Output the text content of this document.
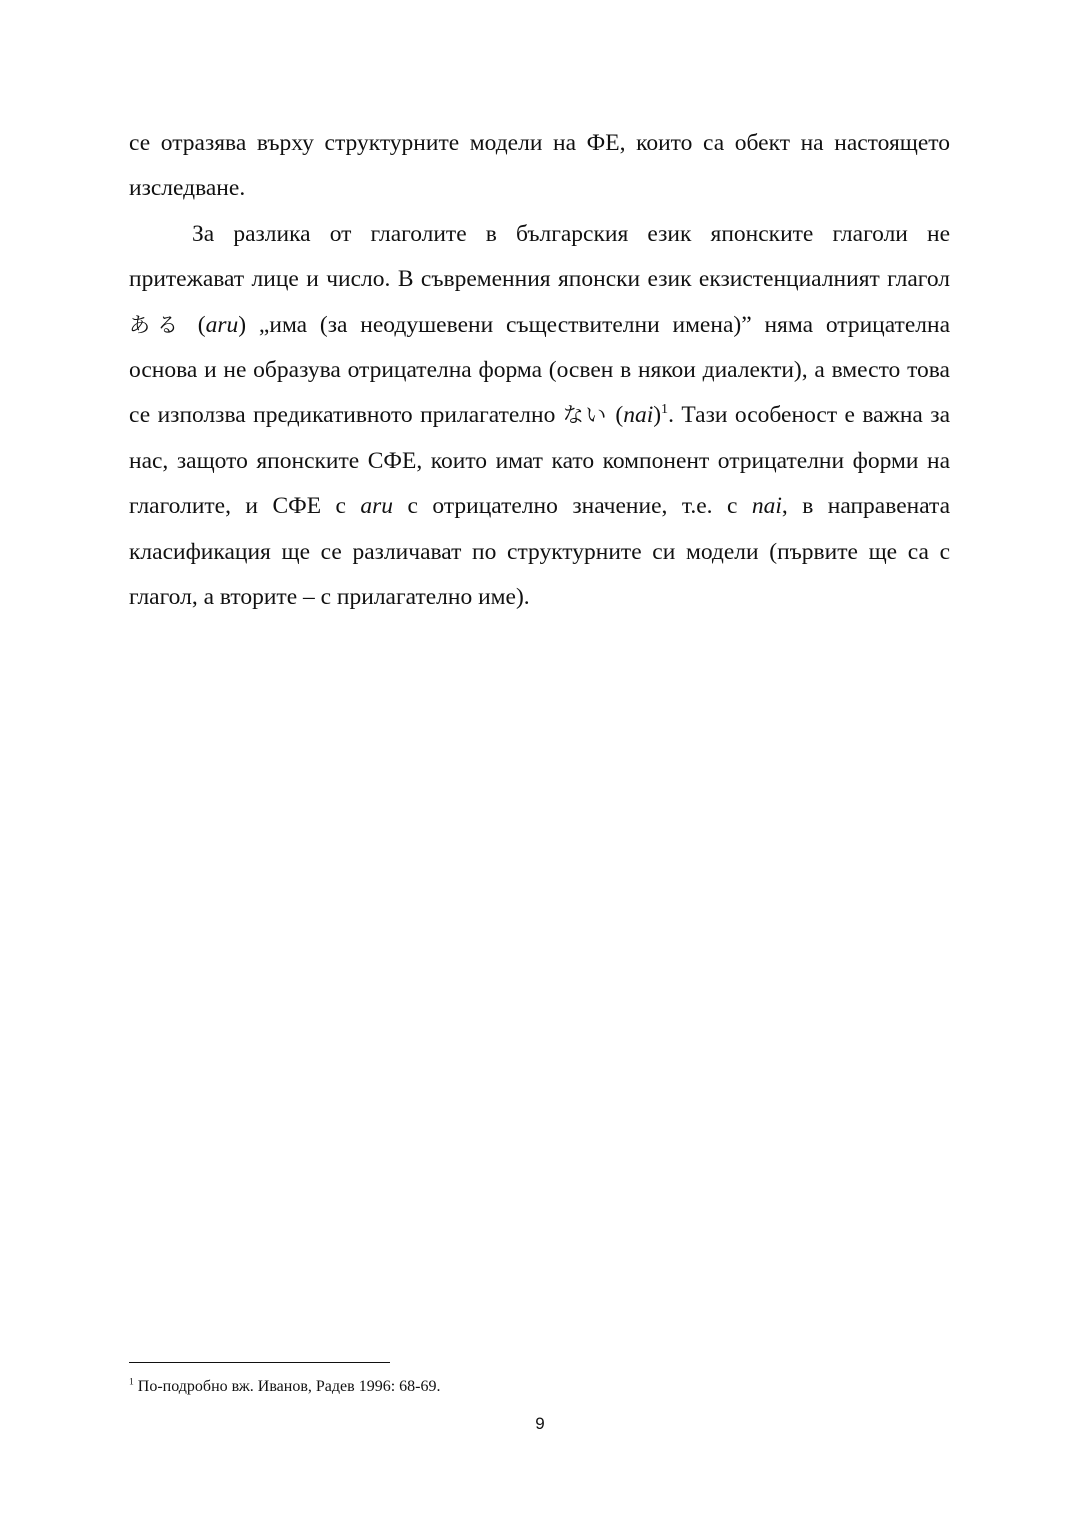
се отразява върху структурните модели на ФЕ, които са обект на настоящето изследване.

За разлика от глаголите в българския език японските глаголи не притежават лице и число. В съвременния японски език екзистенциалният глагол ある (aru) „има (за неодушевени съществителни имена)” няма отрицателна основа и не образува отрицателна форма (освен в някои диалекти), а вместо това се използва предикативното прилагателно ない (nai)$^1$. Тази особеност е важна за нас, защото японските СФЕ, които имат като компонент отрицателни форми на глаголите, и СФЕ с aru с отрицателно значение, т.е. с nai, в направената класификация ще се различават по структурните си модели (първите ще са с глагол, а вторите – с прилагателно име).

$^1$ По-подробно вж. Иванов, Радев 1996: 68-69.
9
